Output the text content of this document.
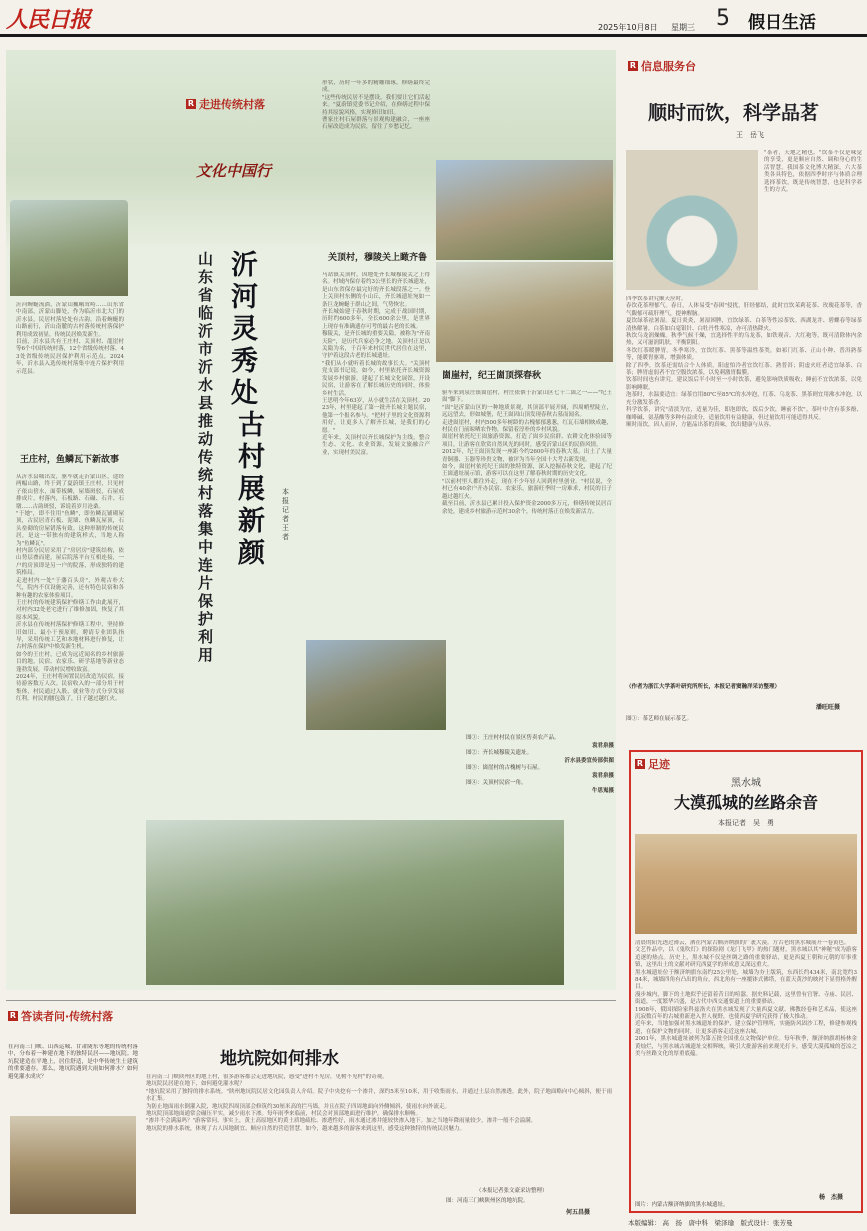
人民日报	2025年10月8日 星期三 5 假日生活
R 走进传统村落
文化中国行
沂河灵秀处
古村展新颜
山东省临沂市沂水县推动传统村落集中连片保护利用
本报记者　王　者
沂河蜿蜒流淌，沂蒙山巍峨耸峙……山东省中南部，沂蒙山脚处，作为临沂市北大门的沂水县，民居村落处处有古韵。沿着蜿蜒的山路前行，沂山南麓的古村落传统村落保护利用成效初显，传统民居焕发新生。
目前，沂水县共有王庄村、关顶村、龍崖村等6个中国传统村落，12个省级传统村落。43处省级传统民居保护利用示范点，2024年，沂水县入选传统村落集中连片保护利用示范县。
王庄村，鱼鳞瓦下新故事
从沂水县城出发，驱车就走沂蒙山区，途经两幅山路，终于到了夏蔚镇王庄村，只见村子依山傍水，面带板鳞，屋墙斑驳，石屋成排成片。村落内，石板路、石碾、石井、石墩……古韵斑驳，诉说着岁月沧桑。
"于她"，即不住用"鱼鳞"，即鱼鳞瓦铺砌屋顶，古民居青石板、泥墙、鱼鳞瓦屋顶，石头垒砌的房屋错落有致。这种形制的传统民居，是这一带独有的建筑样式，当地人称为"鱼鳞瓦"。
村内部分民居采用了"房居房"建筑结构，依山势层叠而建，屋后院落平台互相连接，一户的房顶即是另一户的院落，形成独特的建筑格局。
走进村内一处"于藩百头房"，外观古朴大气，院内不仅设施完善，还有特色民宿和各种有趣的农家体验项目。
王庄村的传统建筑保护修缮工作由此展开，对村内32处老宅进行了维修加固，恢复了其原本风貌。
沂水县在传统村落保护修缮工程中，坚持修旧如旧、最小干预原则，聘请专业团队指导，采用传统工艺和本地材料进行修复，让古村落在保护中焕发新生机。
如今的王庄村，已成为远近闻名的乡村旅游目的地，民宿、农家乐、研学基地等新业态蓬勃发展，带动村民增收致富。
2024年，王庄村将闲置民居改造为民宿，接待游客数万人次。民宿收入的一部分用于村集体，村民通过入股、就业等方式分享发展红利。村民的腰包鼓了，日子越过越红火。
形状，历时一年多的精雕细琢，修缮最终完成。
"这些传统民居不是摆设，我们要让它们活起来。"夏蔚镇党委书记介绍，在修缮过程中保持其原貌风格，实现修旧如旧。
曹家庄村石屋群落与景观构建融合，一座座石屋改造成为民宿，留住了乡愁记忆。
关顶村，穆陵关上瞰齐鲁
马站镇关顶村，因地处齐长城穆陵关之上得名。村域内保存着约3公里长的齐长城遗址，是山东省保存最完好的齐长城段落之一。登上关顶村东侧的小山丘，齐长城遗址宛如一条巨龙蜿蜒于群山之间，气势恢宏。
齐长城始建于春秋时期，完成于战国时期，历时约600多年，全长600余公里，是世界上现存有准确遗存可考的最古老的长城。
穆陵关，是齐长城的重要关隘，被称为"齐南天险"，是历代兵家必争之地。关顶村正是以关隘为名，千百年来村民世代居住在这里，守护着这段古老的长城遗址。
"我们从小就听着长城的故事长大。"关顶村党支部书记说，如今，村里依托齐长城资源发展乡村旅游，建起了长城文化展馆，开设民宿，让游客在了解长城历史的同时，体验乡村生活。
王思明今年63岁，从小就生活在关顶村。2023年，村里建起了第一批齐长城主题民宿，他第一个报名参与。"把村子里的文化资源利用好，让更多人了解齐长城，是我们的心愿。"
近年来，关顶村以齐长城保护为主线，整合生态、文化、农业资源，发展文旅融合产业，实现村美民富。
崮崖村，纪王崮顶探春秋
驱车来到泉庄镇崮崖村，村庄依偎于沂蒙山区七十二崮之一——"纪王崮"脚下。
"崮"是沂蒙山区的一种地质景观，其顶部平展开阔，四周峭壁陡立，远远望去，形如城堡，纪王崮因山顶发现春秋古墓而闻名。
走进崮崖村，村内500多年树龄的古槐郁郁葱葱，红瓦石墙相映成趣，村民在门前晾晒农作物，保留着淳朴的乡村风貌。
崮崖村依托纪王崮旅游资源，打造了崮乡民宿群、农耕文化体验园等项目，让游客在欣赏自然风光的同时，感受沂蒙山区的民俗风情。
2012年，纪王崮顶发现一座距今约2600年的春秋大墓，出土了大量青铜器、玉器等珍贵文物，被评为当年全国十大考古新发现。
如今，崮崖村依托纪王崮的独特资源，深入挖掘春秋文化，建起了纪王崮遗址展示馆，游客可以在这里了解春秋时期的历史文化。
"以前村里人都往外走，现在不少年轻人回到村里创业。"村民说，全村已有40余户开办民宿、农家乐，旅游旺季时一房难求，村民的日子越过越红火。
截至目前，沂水县已累计投入保护资金2000多万元，修缮传统民居百余处，建成乡村旅游示范村30余个，传统村落正在焕发新活力。
图①：王庄村村民在景区售卖农产品。
袁君泉摄
图②：齐长城穆陵关遗址。
沂水县委宣传部供图
图③：崮崖村的古槐树与石屋。
袁君泉摄
图④：关顶村民宿一角。
牛思嵬摄
R 信息服务台
顺时而饮，科学品茗
王　岳飞
"茶者，天地之精也。"饮茶不仅是味觉的享受，更是顺应自然、调和身心的生活智慧。我国茶文化博大精深，六大茶类各具特色，依据四季时序与体质合理选择茶饮，既是传统智慧，也是科学养生的方式。
四季饮茶讲究顺天应时。
春饮花茶理郁气。春日，人体易受"春困"侵扰，肝经郁结，此时宜饮茉莉花茶、玫瑰花茶等，香气馥郁可疏肝理气，提神醒脑。
夏饮绿茶祛暑湿。夏日炎炎，暑湿困脾，宜饮绿茶、白茶等性凉茶饮。西湖龙井、碧螺春等绿茶清热解暑，白茶如白毫银针、白牡丹性寒凉，亦可清热降火。
秋饮乌龙润燥燥。秋季气候干燥，宜选择性平的乌龙茶，如铁观音、大红袍等，既可清除体内余热，又可滋润肌肤，平衡阴阳。
冬饮红茶暖脾胃。冬季寒冷，宜饮红茶、黑茶等温性茶类，如祁门红茶、正山小种、普洱熟茶等，能暖胃驱寒，增强体质。
除了四季，饮茶还需结合个人体质。阳虚怕冷者宜饮红茶、熟普洱；阴虚火旺者适宜绿茶、白茶；脾胃虚弱者不宜空腹饮浓茶，以免刺激胃黏膜。
饮茶时间也有讲究。建议饭后半小时至一小时饮茶，避免影响铁质吸收；睡前不宜饮浓茶，以免影响睡眠。
泡茶时，水温要适宜：绿茶宜用80℃至85℃的水冲泡，红茶、乌龙茶、黑茶则宜用沸水冲泡，以充分激发茶香。
科学饮茶，讲究"清淡为宜，适量为佳，即泡即饮，饭后少饮，睡前不饮"。茶叶中含有茶多酚、咖啡碱、氨基酸等多种有益成分，适量饮用有益健康，但过量饮用可能适得其反。
顺时而饮，因人而异，方能品出茶的真味，饮出健康与从容。
（作者为浙江大学茶叶研究所所长，本报记者窦瀚洋采访整理）
潘旺旺摄
图①：茶艺师在展示茶艺。
R 足迹
黑水城
大漠孤城的丝路余音
本报记者　吴　勇
清晨的阳光透过薄云，洒在内蒙古额济纳旗的广袤大漠。方古老的黑水城展开一卷黄色。
文艺作品中，以《鬼吹灯》的探险剧《龙门飞甲》的热门题材，黑水城以其"神秘"成为游客追逐的热点。历史上，黑水城不仅是丝绸之路的重要驿站，更是西夏王朝和元朝的军事重镇，这里出土的文献对研究西夏学的形成意义深远重大。
黑水城遗址位于额济纳旗东南约25公里处，城墙为夯土版筑，东西长约434米，南北宽约384米，城墙四角有凸出的角台，西北角有一座覆钵式佛塔，在蓝天黄沙的映衬下显得格外醒目。
漫步城内，脚下的土地似乎还留着昔日的喧嚣。据史料记载，这里曾有官署、寺庙、民居、街道，一度繁华兴盛，是古代中西交通要道上的重要驿站。
1908年，俄国探险家科兹洛夫在黑水城发现了大量西夏文献、佛教经卷和艺术品，使这座沉寂数百年的古城重新进入世人视野，也使西夏学研究获得了极大推动。
近年来，当地加强对黑水城遗址的保护，建立保护管理所，实施防风固沙工程，修建参观栈道，在保护文物的同时，让更多游客走近这座古城。
2001年，黑水城遗址被列为第五批全国重点文物保护单位。每年秋季，额济纳旗胡杨林金黄灿烂，与黑水城古城遗址交相辉映，吸引大批游客前来观光打卡，感受大漠孤城的苍凉之美与丝路文化的厚重底蕴。
杨　杰摄
图片：内蒙古额济纳旗的黑水城遗址。
R 答读者问·传统村落
在河南三门峡、山西运城、甘肃陇东等地的传统村落中，分布着一种建在地下的独特民居——地坑院。地坑院建造在平地上，居住舒适，是中华传统生土建筑的重要遗存。那么，地坑院遇到大雨如何排水？如何避免灌水成灾？
地坑院如何排水
在河南三门峡陕州区的地上村，很多游客都会走进地坑院，感受"进村不见房，见树不见村"的奇观。
地坑院民居建在地下，如何避免灌水呢？
"地坑院采用了独特的排水系统。"陕州地坑院民居文化园负责人介绍。院子中央挖有一个渗井，深约5米至10米，用于收集雨水，并通过土层自然渗透。此外，院子地面略向中心倾斜，便于雨水汇集。
为防止地面雨水倒灌入院，地坑院四周顶部会修筑约30厘米高的拦马墙，并且在院子四周地面向外侧倾斜，使雨水向外流走。
地坑院顶部地面通常会碾压平实，减少雨水下渗。每年雨季来临前，村民会对顶部地面进行维护，确保排水顺畅。
"渗井不会满溢吗？"游客常问。事实上，黄土高原地区的黄土质地疏松、渗透性好，雨水通过渗井能较快渗入地下。加之当地年降雨量较少，渗井一般不会溢满。
地坑院的排水系统，体现了古人因地制宜、顺应自然的营造智慧。如今，越来越多的游客来到这里，感受这种独特的传统民居魅力。
（本报记者张文豪采访整理）
图：河南三门峡陕州区的地坑院。
何五昌摄
本版编辑： 高　扬　唐中科　梁泽瑜　版式设计：张芳曼
